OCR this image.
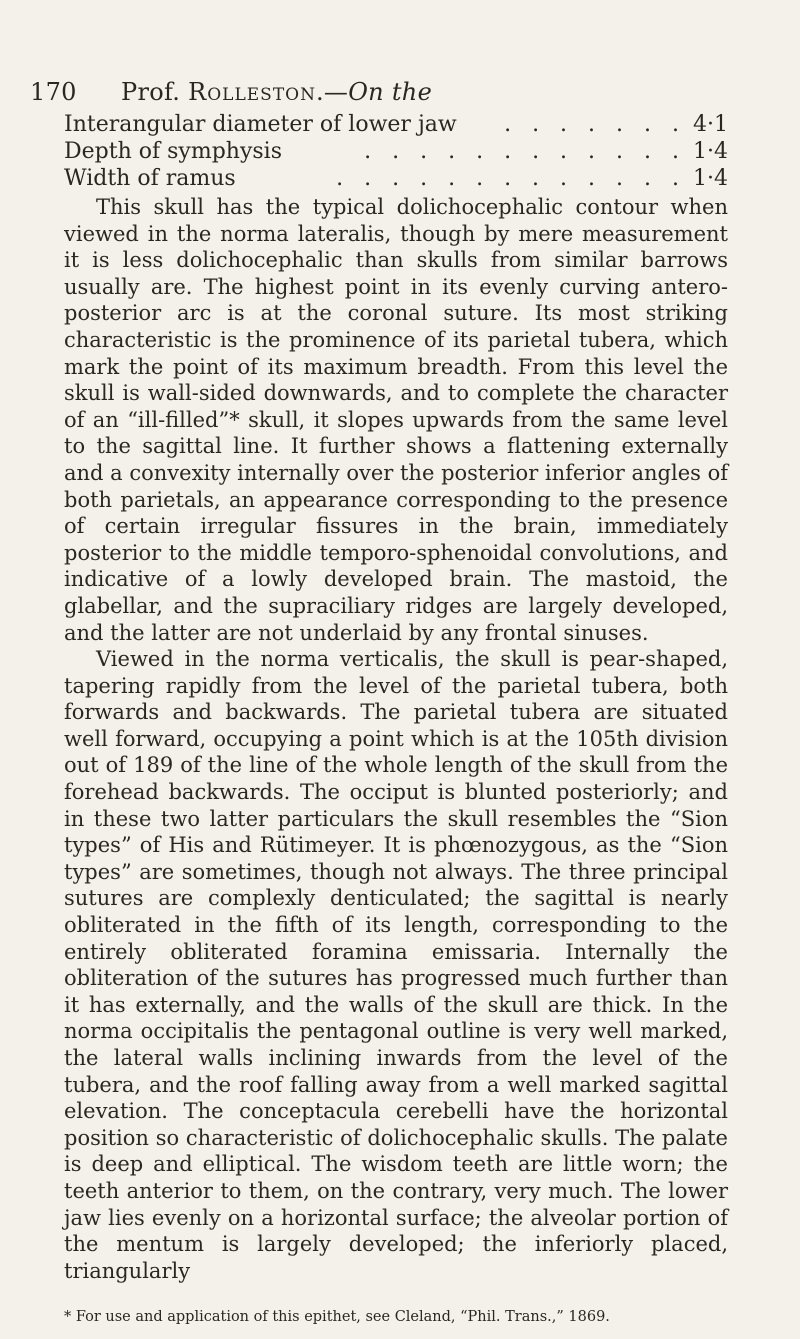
170 Prof. Rolleston.—On the
Interangular diameter of lower jaw	. . . . . . . 4·1
Depth of symphysis	. . . . . . . . . . . . 1·4
Width of ramus	. . . . . . . . . . . . . 1·4

This skull has the typical dolichocephalic contour when viewed in the norma lateralis, though by mere measurement it is less dolichocephalic than skulls from similar barrows usually are. The highest point in its evenly curving antero-posterior arc is at the coronal suture. Its most striking characteristic is the prominence of its parietal tubera, which mark the point of its maximum breadth. From this level the skull is wall-sided downwards, and to complete the character of an “ill-filled”* skull, it slopes upwards from the same level to the sagittal line. It further shows a flattening externally and a convexity internally over the posterior inferior angles of both parietals, an appearance corresponding to the presence of certain irregular fissures in the brain, immediately posterior to the middle temporo-sphenoidal convolutions, and indicative of a lowly developed brain. The mastoid, the glabellar, and the supraciliary ridges are largely developed, and the latter are not underlaid by any frontal sinuses.

Viewed in the norma verticalis, the skull is pear-shaped, tapering rapidly from the level of the parietal tubera, both forwards and backwards. The parietal tubera are situated well forward, occupying a point which is at the 105th division out of 189 of the line of the whole length of the skull from the forehead backwards. The occiput is blunted posteriorly; and in these two latter particulars the skull resembles the “Sion types” of His and Rütimeyer. It is phœnozygous, as the “Sion types” are sometimes, though not always. The three principal sutures are complexly denticulated; the sagittal is nearly obliterated in the fifth of its length, corresponding to the entirely obliterated foramina emissaria. Internally the obliteration of the sutures has progressed much further than it has externally, and the walls of the skull are thick. In the norma occipitalis the pentagonal outline is very well marked, the lateral walls inclining inwards from the level of the tubera, and the roof falling away from a well marked sagittal elevation. The conceptacula cerebelli have the horizontal position so characteristic of dolichocephalic skulls. The palate is deep and elliptical. The wisdom teeth are little worn; the teeth anterior to them, on the contrary, very much. The lower jaw lies evenly on a horizontal surface; the alveolar portion of the mentum is largely developed; the inferiorly placed, triangularly

* For use and application of this epithet, see Cleland, “Phil. Trans.,” 1869.
